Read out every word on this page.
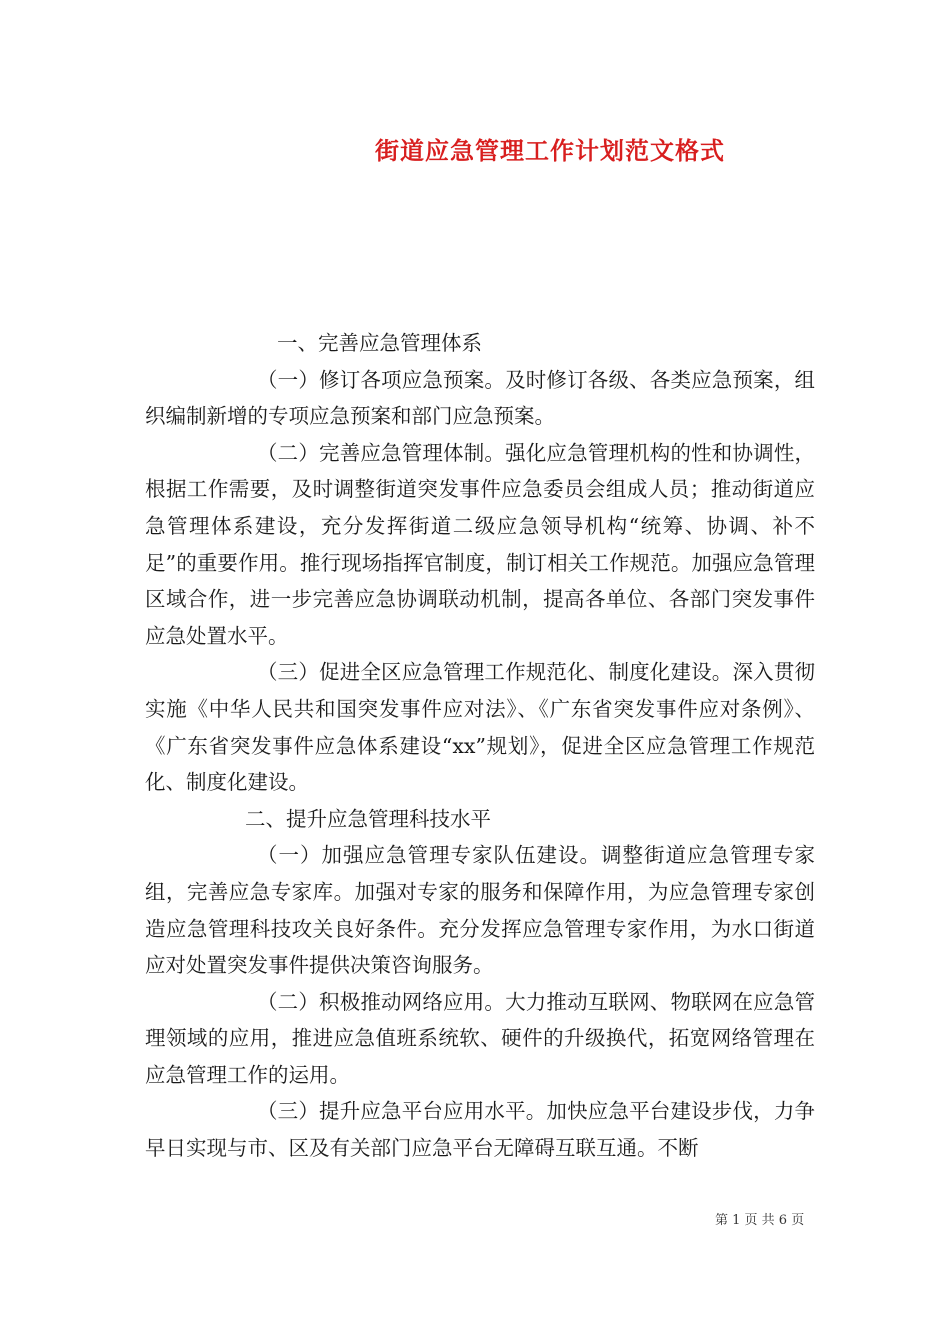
街道应急管理工作计划范文格式

一、完善应急管理体系

（一）修订各项应急预案。及时修订各级、各类应急预案，组织编制新增的专项应急预案和部门应急预案。

（二）完善应急管理体制。强化应急管理机构的性和协调性，根据工作需要，及时调整街道突发事件应急委员会组成人员；推动街道应急管理体系建设，充分发挥街道二级应急领导机构“统筹、协调、补不足”的重要作用。推行现场指挥官制度，制订相关工作规范。加强应急管理区域合作，进一步完善应急协调联动机制，提高各单位、各部门突发事件应急处置水平。

（三）促进全区应急管理工作规范化、制度化建设。深入贯彻实施《中华人民共和国突发事件应对法》、《广东省突发事件应对条例》、《广东省突发事件应急体系建设“xx”规划》，促进全区应急管理工作规范化、制度化建设。

二、提升应急管理科技水平

（一）加强应急管理专家队伍建设。调整街道应急管理专家组，完善应急专家库。加强对专家的服务和保障作用，为应急管理专家创造应急管理科技攻关良好条件。充分发挥应急管理专家作用，为水口街道应对处置突发事件提供决策咨询服务。

（二）积极推动网络应用。大力推动互联网、物联网在应急管理领域的应用，推进应急值班系统软、硬件的升级换代，拓宽网络管理在应急管理工作的运用。

（三）提升应急平台应用水平。加快应急平台建设步伐，力争早日实现与市、区及有关部门应急平台无障碍互联互通。不断

第 1 页 共 6 页
